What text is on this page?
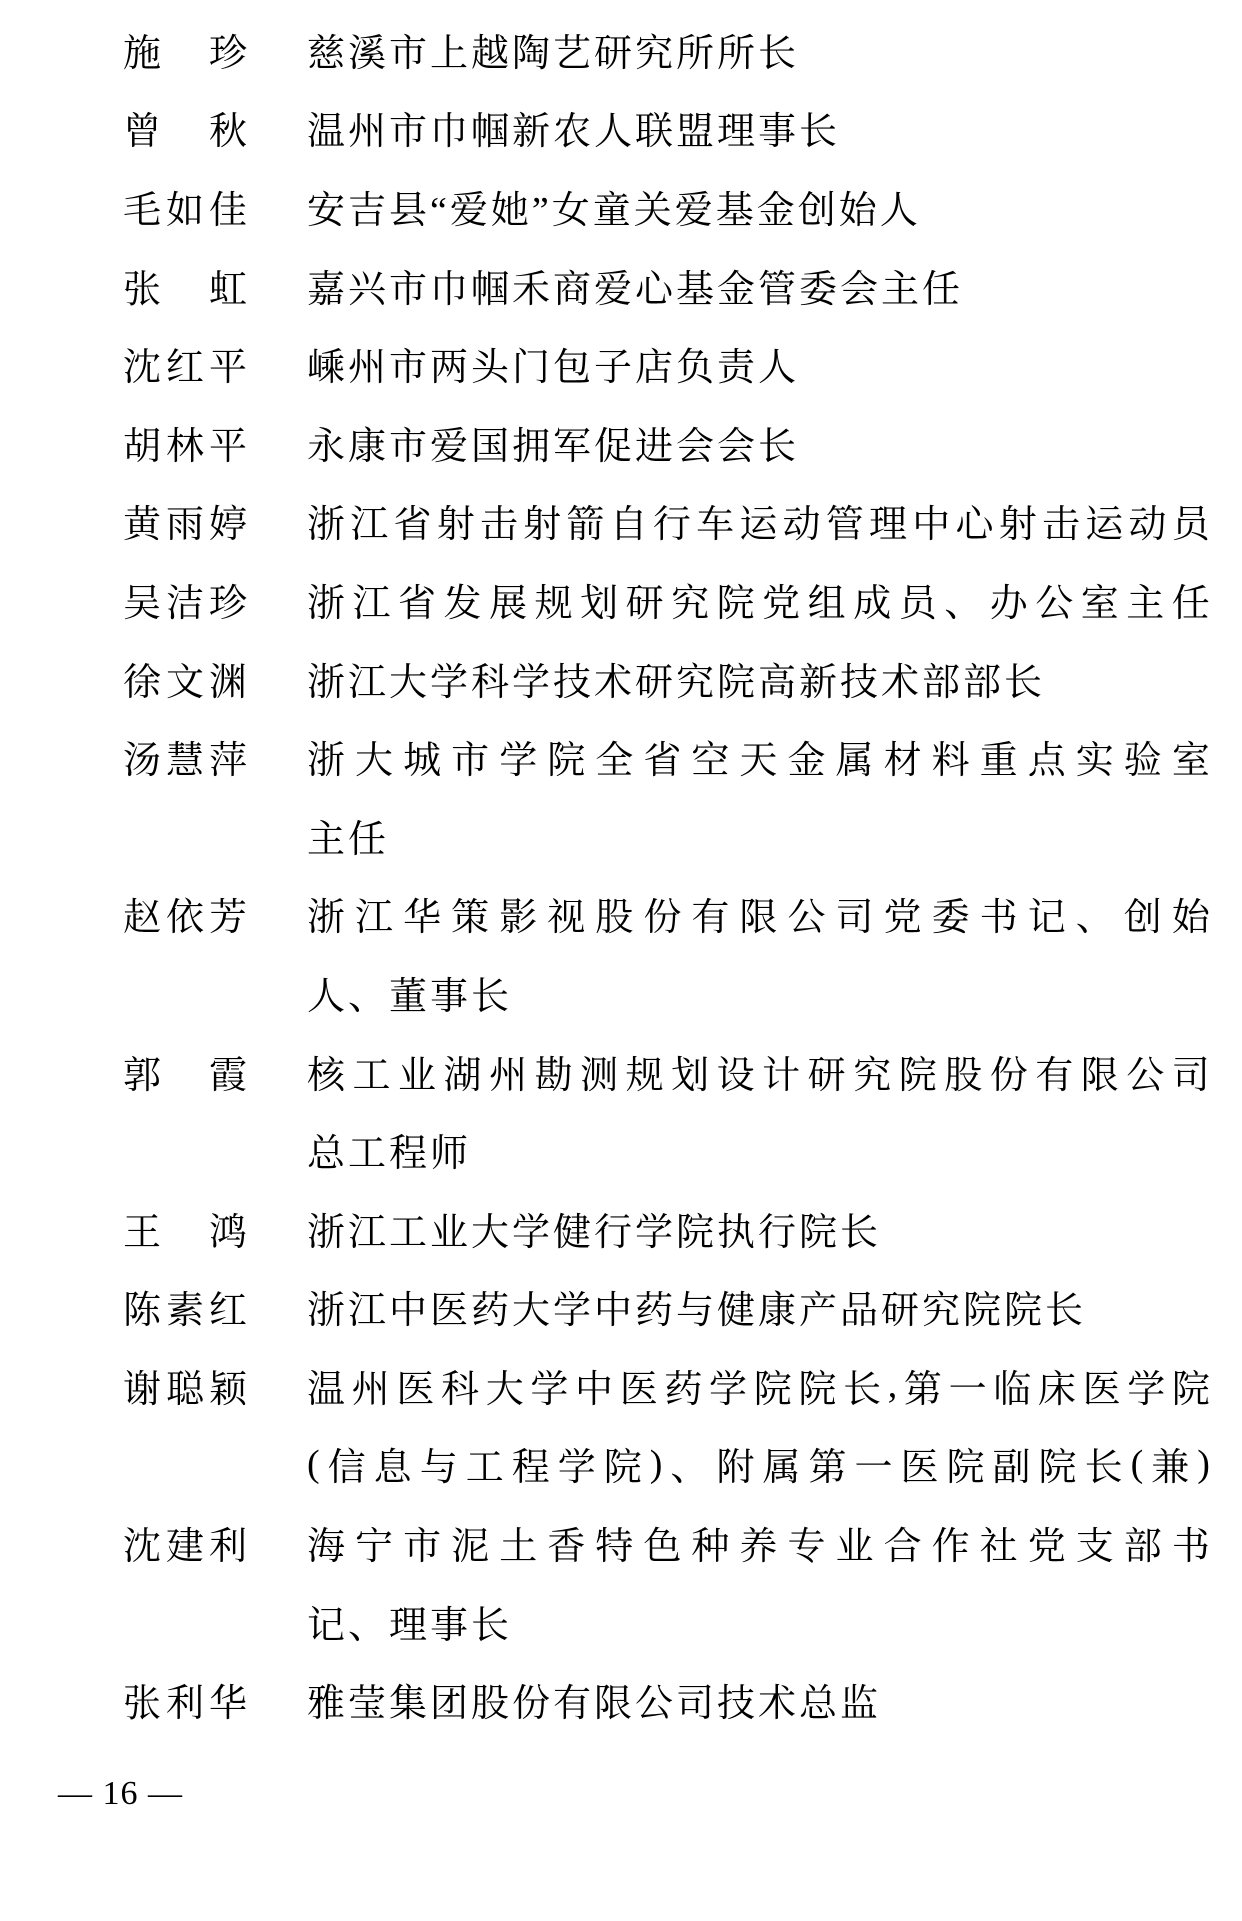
施 珍 慈溪市上越陶艺研究所所长
曾 秋 温州市巾帼新农人联盟理事长
毛 如 佳 安吉县“爱她”女童关爱基金创始人
张 虹 嘉兴市巾帼禾商爱心基金管委会主任
沈 红 平 嵊州市两头门包子店负责人
胡 林 平 永康市爱国拥军促进会会长
黄 雨 婷 浙 江 省 射 击 射 箭 自 行 车 运 动 管 理 中 心 射 击 运 动 员
吴 洁 珍 浙 江 省 发 展 规 划 研 究 院 党 组 成 员 、 办 公 室 主 任
徐 文 渊 浙江大学科学技术研究院高新技术部部长
汤 慧 萍 浙 大 城 市 学 院 全 省 空 天 金 属 材 料 重 点 实 验 室
主任
赵 依 芳 浙 江 华 策 影 视 股 份 有 限 公 司 党 委 书 记 、 创 始
人、董事长
郭 霞 核 工 业 湖 州 勘 测 规 划 设 计 研 究 院 股 份 有 限 公 司
总工程师
王 鸿 浙江工业大学健行学院执行院长
陈 素 红 浙江中医药大学中药与健康产品研究院院长
谢 聪 颖 温 州 医 科 大 学 中 医 药 学 院 院 长 , 第 一 临 床 医 学 院
( 信 息 与 工 程 学 院 ) 、 附 属 第 一 医 院 副 院 长 ( 兼 )
沈 建 利 海 宁 市 泥 土 香 特 色 种 养 专 业 合 作 社 党 支 部 书
记、理事长
张 利 华 雅莹集团股份有限公司技术总监
— 16 —
